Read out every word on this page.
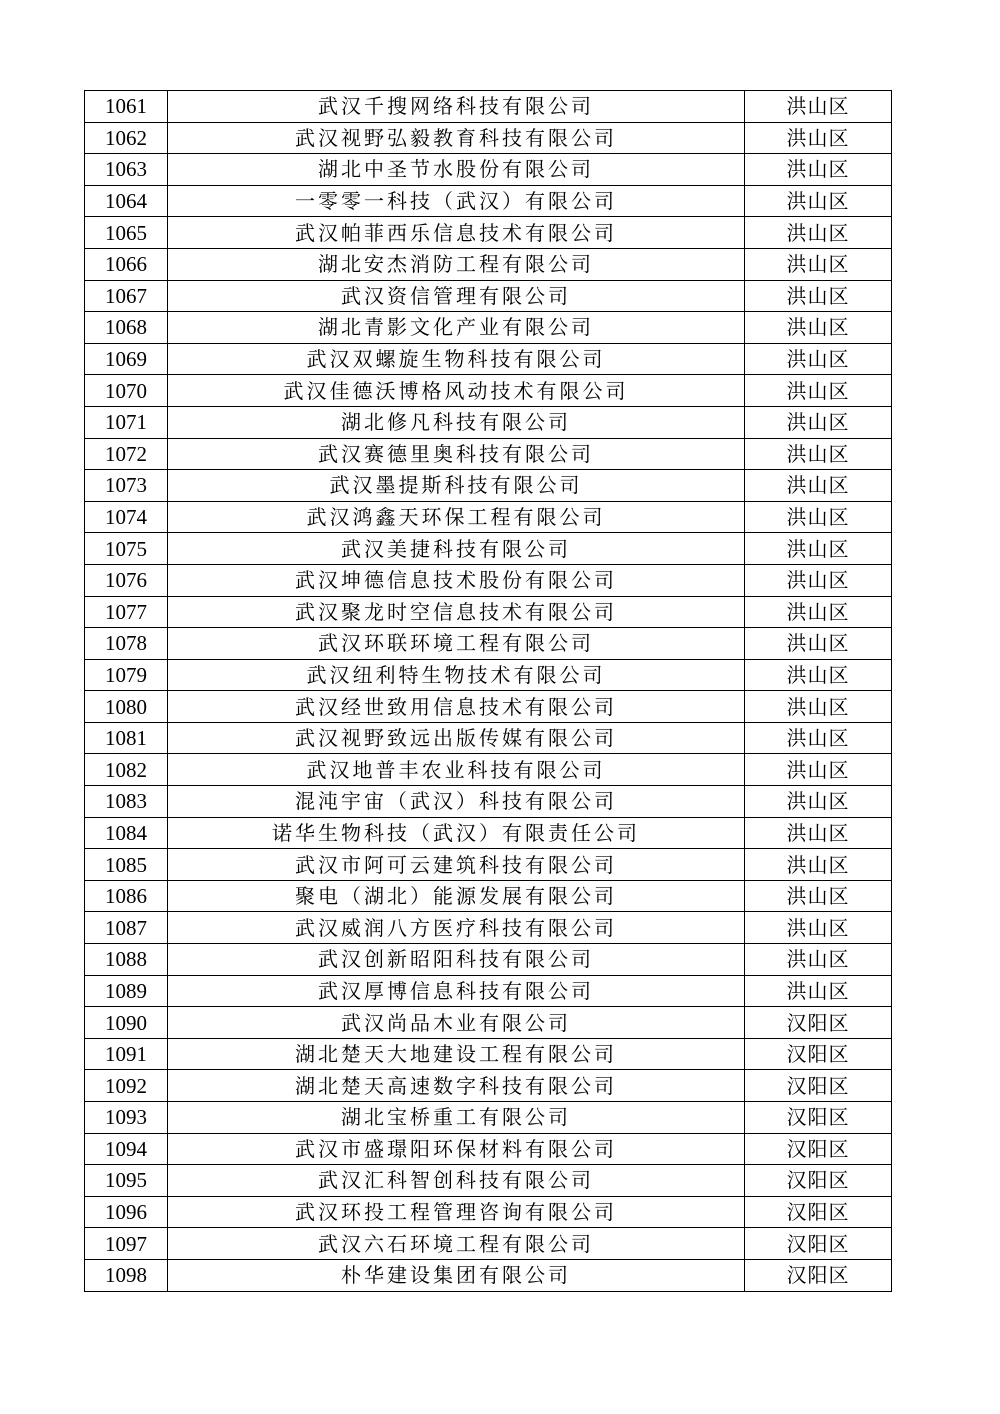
1061	武汉千搜网络科技有限公司	洪山区
1062	武汉视野弘毅教育科技有限公司	洪山区
1063	湖北中圣节水股份有限公司	洪山区
1064	一零零一科技（武汉）有限公司	洪山区
1065	武汉帕菲西乐信息技术有限公司	洪山区
1066	湖北安杰消防工程有限公司	洪山区
1067	武汉资信管理有限公司	洪山区
1068	湖北青影文化产业有限公司	洪山区
1069	武汉双螺旋生物科技有限公司	洪山区
1070	武汉佳德沃博格风动技术有限公司	洪山区
1071	湖北修凡科技有限公司	洪山区
1072	武汉赛德里奥科技有限公司	洪山区
1073	武汉墨提斯科技有限公司	洪山区
1074	武汉鸿鑫天环保工程有限公司	洪山区
1075	武汉美捷科技有限公司	洪山区
1076	武汉坤德信息技术股份有限公司	洪山区
1077	武汉聚龙时空信息技术有限公司	洪山区
1078	武汉环联环境工程有限公司	洪山区
1079	武汉纽利特生物技术有限公司	洪山区
1080	武汉经世致用信息技术有限公司	洪山区
1081	武汉视野致远出版传媒有限公司	洪山区
1082	武汉地普丰农业科技有限公司	洪山区
1083	混沌宇宙（武汉）科技有限公司	洪山区
1084	诺华生物科技（武汉）有限责任公司	洪山区
1085	武汉市阿可云建筑科技有限公司	洪山区
1086	聚电（湖北）能源发展有限公司	洪山区
1087	武汉威润八方医疗科技有限公司	洪山区
1088	武汉创新昭阳科技有限公司	洪山区
1089	武汉厚博信息科技有限公司	洪山区
1090	武汉尚品木业有限公司	汉阳区
1091	湖北楚天大地建设工程有限公司	汉阳区
1092	湖北楚天高速数字科技有限公司	汉阳区
1093	湖北宝桥重工有限公司	汉阳区
1094	武汉市盛璟阳环保材料有限公司	汉阳区
1095	武汉汇科智创科技有限公司	汉阳区
1096	武汉环投工程管理咨询有限公司	汉阳区
1097	武汉六石环境工程有限公司	汉阳区
1098	朴华建设集团有限公司	汉阳区
